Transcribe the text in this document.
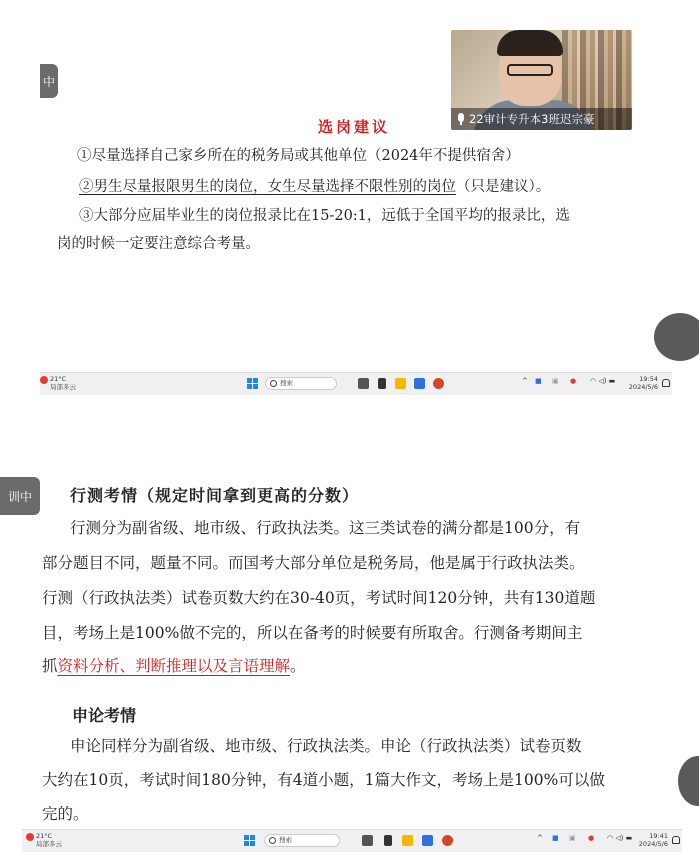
中
训中
22审计专升本3班迟宗豪
选岗建议
①尽量选择自己家乡所在的税务局或其他单位（2024年不提供宿舍）
②男生尽量报限男生的岗位，女生尽量选择不限性别的岗位（只是建议）。
③大部分应届毕业生的岗位报录比在15-20:1，远低于全国平均的报录比，选
岗的时候一定要注意综合考量。
21°C
局部多云	搜索	^ ■ ▣ ● ◠ ◁) ▬	19:54
2024/5/6
行测考情（规定时间拿到更高的分数）
行测分为副省级、地市级、行政执法类。这三类试卷的满分都是100分，有
部分题目不同，题量不同。而国考大部分单位是税务局，他是属于行政执法类。
行测（行政执法类）试卷页数大约在30-40页，考试时间120分钟，共有130道题
目，考场上是100%做不完的，所以在备考的时候要有所取舍。行测备考期间主
抓资料分析、判断推理以及言语理解。
申论考情
申论同样分为副省级、地市级、行政执法类。申论（行政执法类）试卷页数
大约在10页，考试时间180分钟，有4道小题，1篇大作文，考场上是100%可以做
完的。
21°C
局部多云	搜索	^ ■ ▣ ● ◠ ◁) ▬	19:41
2024/5/6
